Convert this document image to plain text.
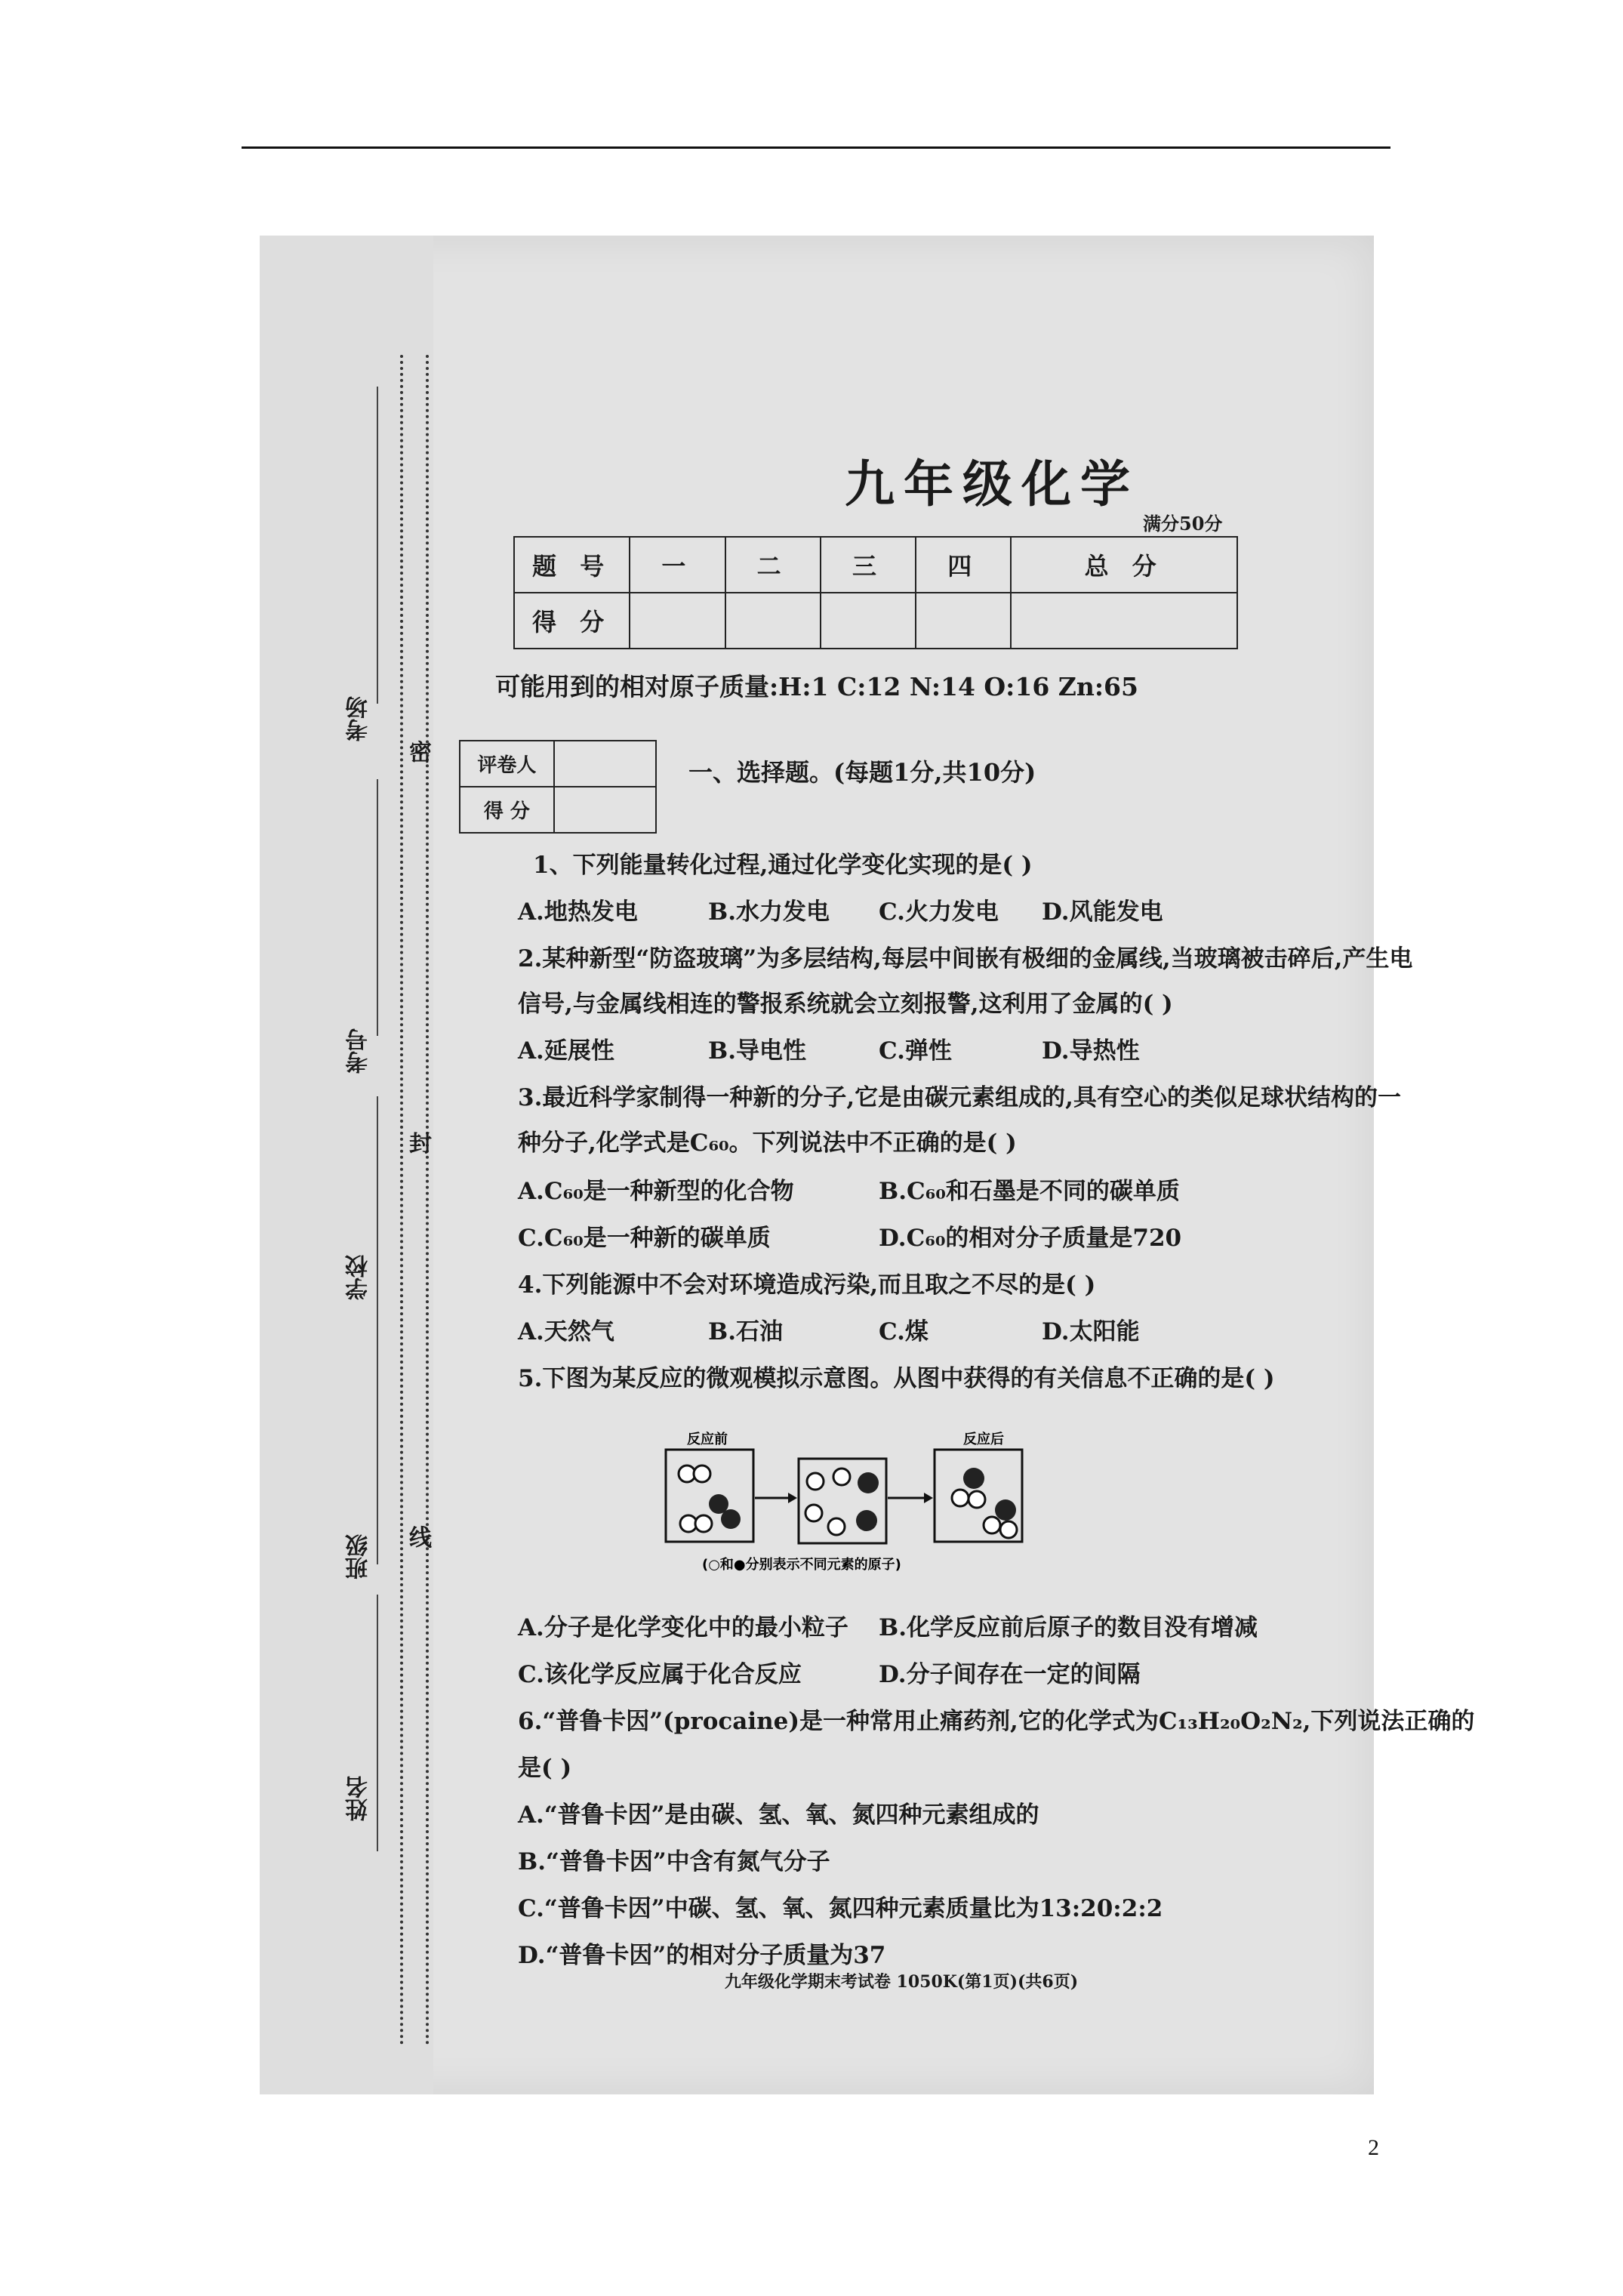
密
封
线
考场
考号
学校
班级
姓名
九年级化学
满分50分
题 号	一	二	三	四	总 分
得 分					
可能用到的相对原子质量:H:1 C:12 N:14 O:16 Zn:65
评卷人	
得 分	
一、选择题。(每题1分,共10分)
1、下列能量转化过程,通过化学变化实现的是( )
A.地热发电	B.水力发电 C.火力发电 D.风能发电
2.某种新型“防盗玻璃”为多层结构,每层中间嵌有极细的金属线,当玻璃被击碎后,产生电
信号,与金属线相连的警报系统就会立刻报警,这利用了金属的( )
A.延展性	B.导电性	C.弹性	D.导热性
3.最近科学家制得一种新的分子,它是由碳元素组成的,具有空心的类似足球状结构的一
种分子,化学式是C₆₀。下列说法中不正确的是( )
A.C₆₀是一种新型的化合物	B.C₆₀和石墨是不同的碳单质
C.C₆₀是一种新的碳单质	D.C₆₀的相对分子质量是720
4.下列能源中不会对环境造成污染,而且取之不尽的是( )
A.天然气	B.石油	C.煤	D.太阳能
5.下图为某反应的微观模拟示意图。从图中获得的有关信息不正确的是( )
反应前	反应后
(○和●分别表示不同元素的原子)
A.分子是化学变化中的最小粒子 B.化学反应前后原子的数目没有增减
C.该化学反应属于化合反应	D.分子间存在一定的间隔
6.“普鲁卡因”(procaine)是一种常用止痛药剂,它的化学式为C₁₃H₂₀O₂N₂,下列说法正确的
是( )
A.“普鲁卡因”是由碳、氢、氧、氮四种元素组成的
B.“普鲁卡因”中含有氮气分子
C.“普鲁卡因”中碳、氢、氧、氮四种元素质量比为13:20:2:2
D.“普鲁卡因”的相对分子质量为37
九年级化学期末考试卷 1050K(第1页)(共6页)
2
